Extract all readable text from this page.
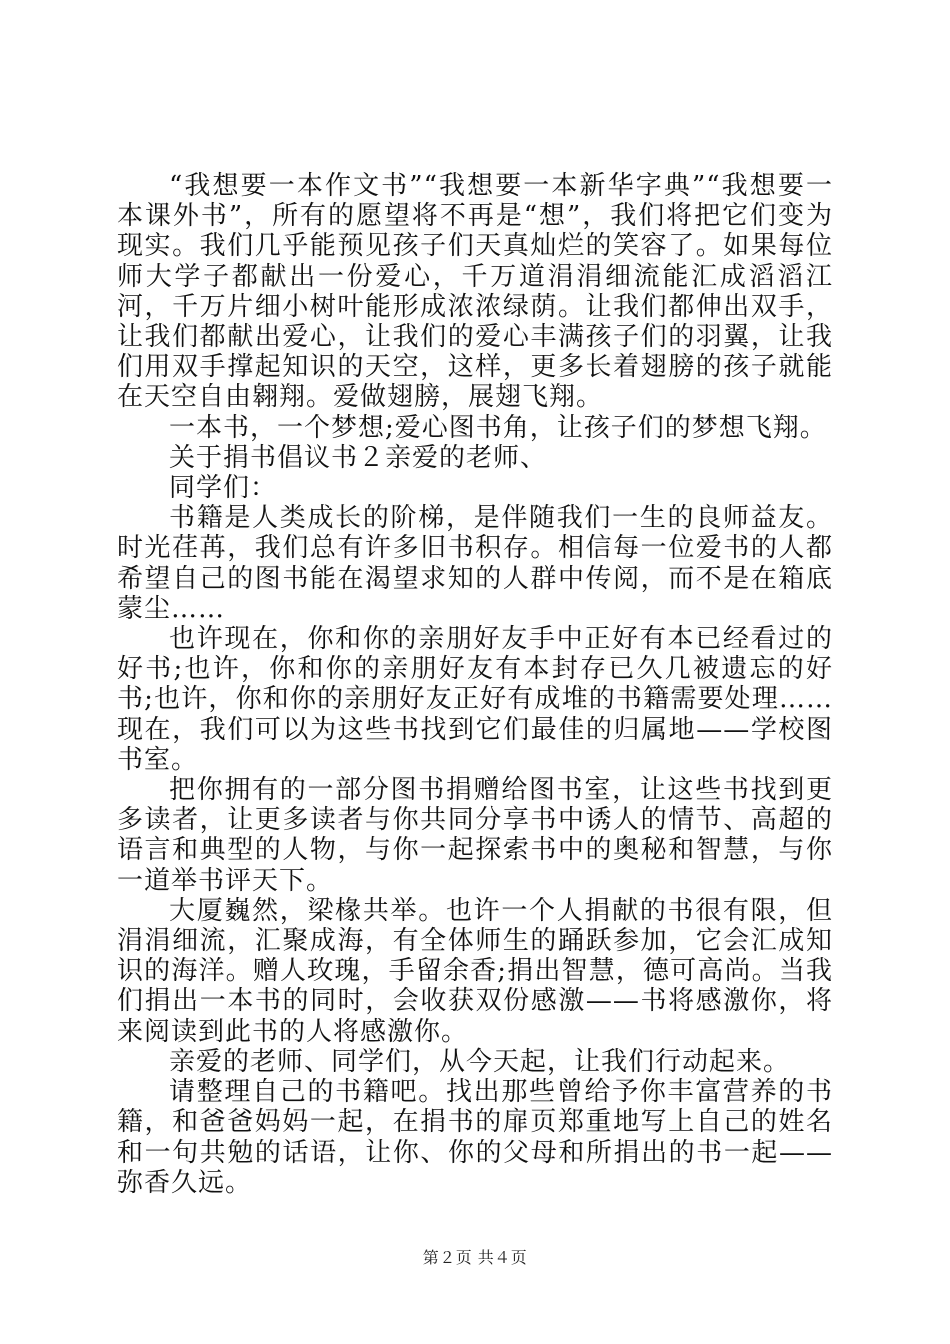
“我想要一本作文书”“我想要一本新华字典”“我想要一本课外书”，所有的愿望将不再是“想”，我们将把它们变为现实。我们几乎能预见孩子们天真灿烂的笑容了。如果每位师大学子都献出一份爱心，千万道涓涓细流能汇成滔滔江河，千万片细小树叶能形成浓浓绿荫。让我们都伸出双手，让我们都献出爱心，让我们的爱心丰满孩子们的羽翼，让我们用双手撑起知识的天空，这样，更多长着翅膀的孩子就能在天空自由翱翔。爱做翅膀，展翅飞翔。

一本书，一个梦想;爱心图书角，让孩子们的梦想飞翔。

关于捐书倡议书２亲爱的老师、

同学们：

书籍是人类成长的阶梯，是伴随我们一生的良师益友。时光荏苒，我们总有许多旧书积存。相信每一位爱书的人都希望自己的图书能在渴望求知的人群中传阅，而不是在箱底蒙尘……

也许现在，你和你的亲朋好友手中正好有本已经看过的好书;也许，你和你的亲朋好友有本封存已久几被遗忘的好书;也许，你和你的亲朋好友正好有成堆的书籍需要处理……现在，我们可以为这些书找到它们最佳的归属地——学校图书室。

把你拥有的一部分图书捐赠给图书室，让这些书找到更多读者，让更多读者与你共同分享书中诱人的情节、高超的语言和典型的人物，与你一起探索书中的奥秘和智慧，与你一道举书评天下。

大厦巍然，梁椽共举。也许一个人捐献的书很有限，但涓涓细流，汇聚成海，有全体师生的踊跃参加，它会汇成知识的海洋。赠人玫瑰，手留余香;捐出智慧，德可高尚。当我们捐出一本书的同时，会收获双份感激——书将感激你，将来阅读到此书的人将感激你。

亲爱的老师、同学们，从今天起，让我们行动起来。

请整理自己的书籍吧。找出那些曾给予你丰富营养的书籍，和爸爸妈妈一起，在捐书的扉页郑重地写上自己的姓名和一句共勉的话语，让你、你的父母和所捐出的书一起——弥香久远。

第２页 共４页
